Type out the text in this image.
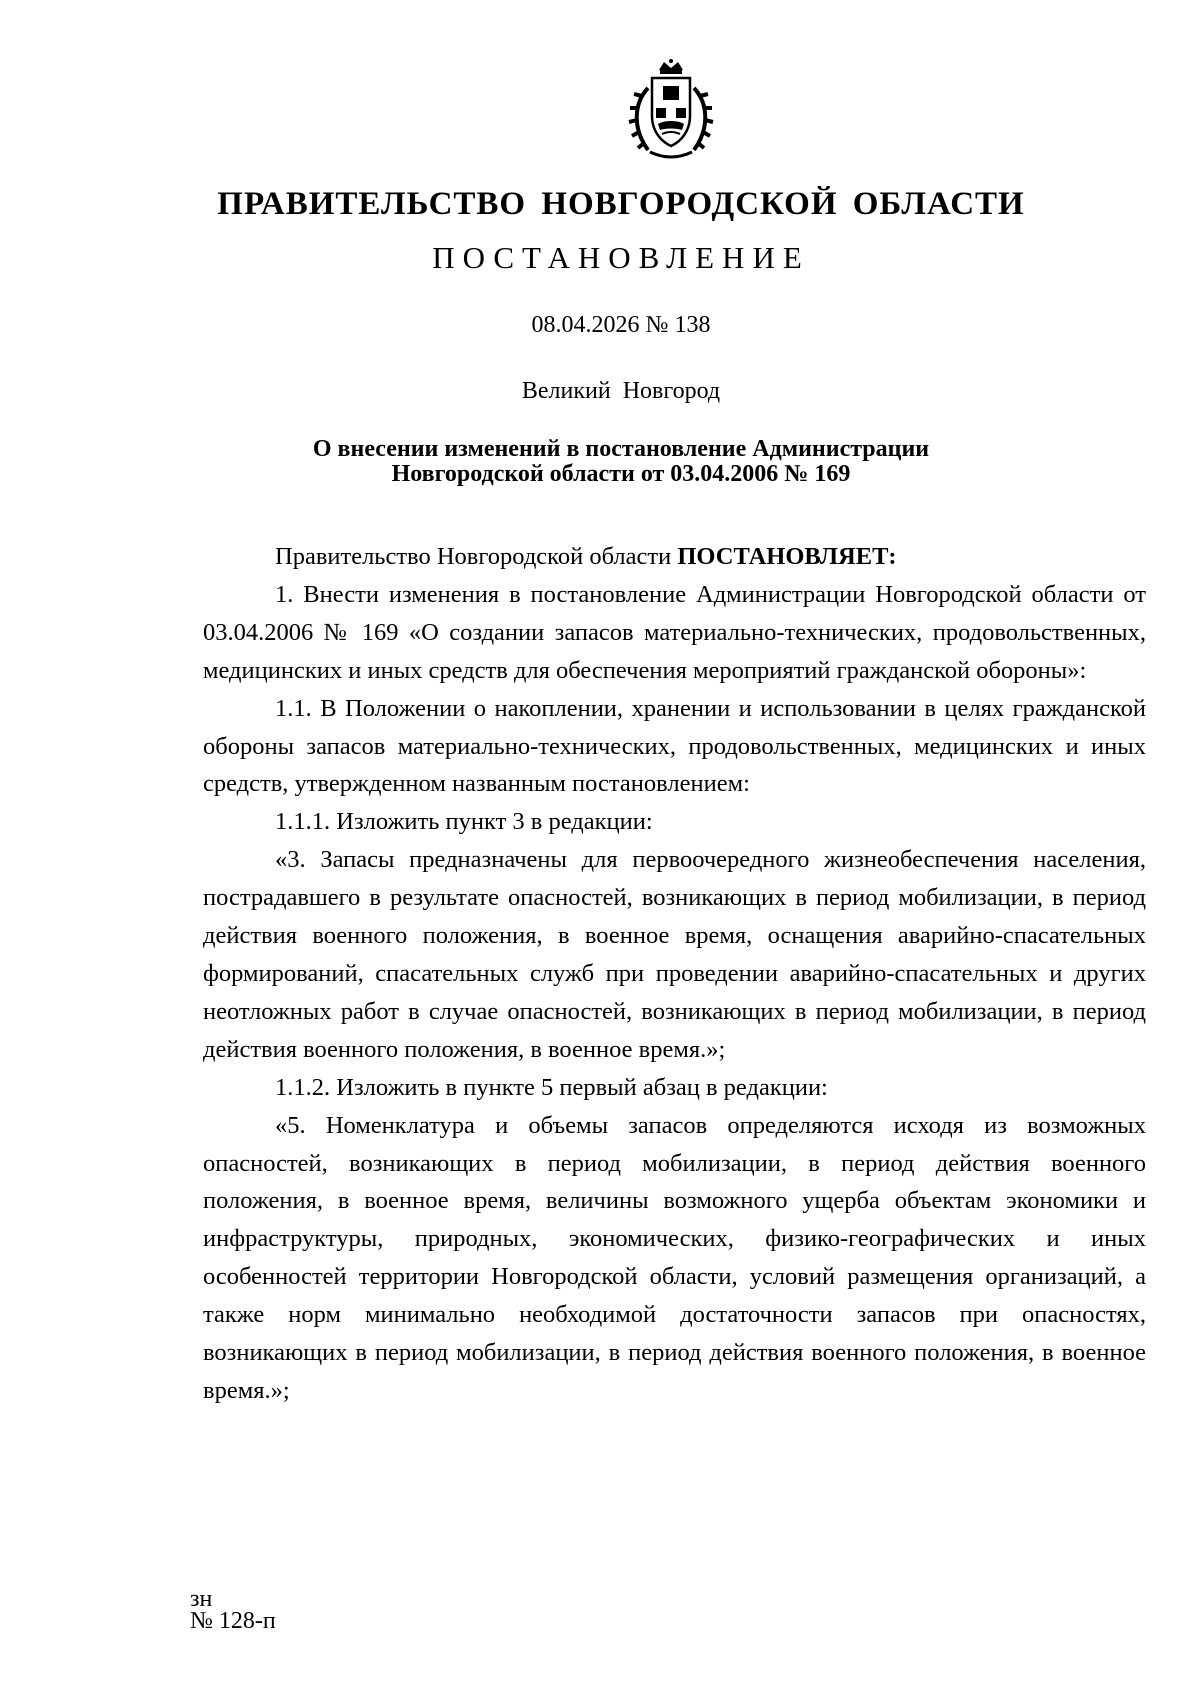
ПРАВИТЕЛЬСТВО НОВГОРОДСКОЙ ОБЛАСТИ
ПОСТАНОВЛЕНИЕ
08.04.2026 № 138
Великий Новгород
О внесении изменений в постановление Администрации
Новгородской области от 03.04.2006 № 169

Правительство Новгородской области ПОСТАНОВЛЯЕТ:

1. Внести изменения в постановление Администрации Новгородской области от 03.04.2006 № 169 «О создании запасов материально-технических, продовольственных, медицинских и иных средств для обеспечения мероприятий гражданской обороны»:

1.1. В Положении о накоплении, хранении и использовании в целях гражданской обороны запасов материально-технических, продовольственных, медицинских и иных средств, утвержденном названным постановлением:

1.1.1. Изложить пункт 3 в редакции:

«3. Запасы предназначены для первоочередного жизнеобеспечения населения, пострадавшего в результате опасностей, возникающих в период мобилизации, в период действия военного положения, в военное время, оснащения аварийно-спасательных формирований, спасательных служб при проведении аварийно-спасательных и других неотложных работ в случае опасностей, возникающих в период мобилизации, в период действия военного положения, в военное время.»;

1.1.2. Изложить в пункте 5 первый абзац в редакции:

«5. Номенклатура и объемы запасов определяются исходя из возможных опасностей, возникающих в период мобилизации, в период действия военного положения, в военное время, величины возможного ущерба объектам экономики и инфраструктуры, природных, экономических, физико-географических и иных особенностей территории Новгородской области, условий размещения организаций, а также норм минимально необходимой достаточности запасов при опасностях, возникающих в период мобилизации, в период действия военного положения, в военное время.»;

зн
№ 128-п
